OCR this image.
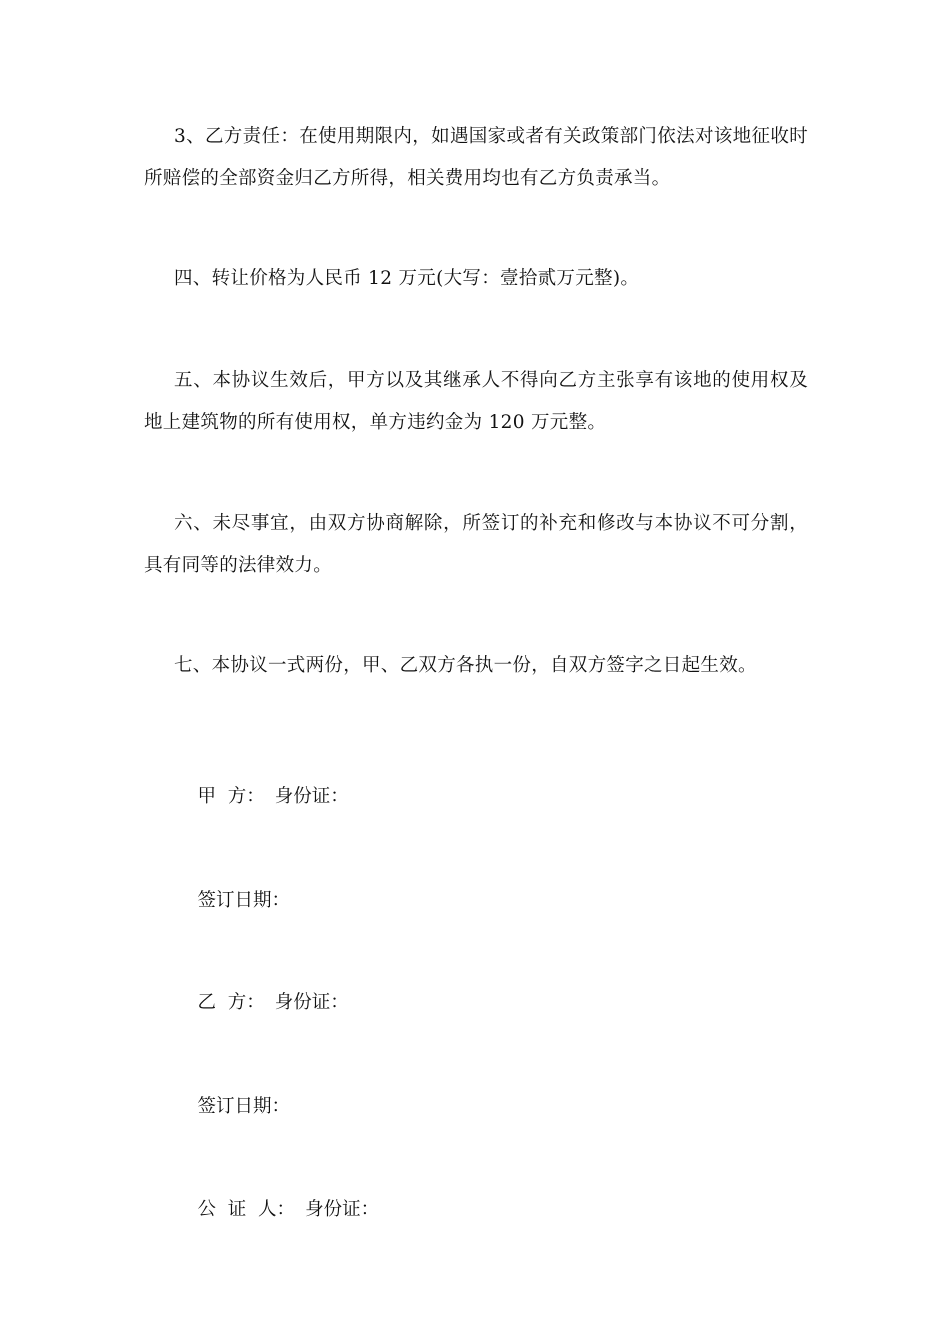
3、乙方责任：在使用期限内，如遇国家或者有关政策部门依法对该地征收时所赔偿的全部资金归乙方所得，相关费用均也有乙方负责承当。

四、转让价格为人民币 12 万元(大写：壹拾贰万元整)。

五、本协议生效后，甲方以及其继承人不得向乙方主张享有该地的使用权及地上建筑物的所有使用权，单方违约金为 120 万元整。

六、未尽事宜，由双方协商解除，所签订的补充和修改与本协议不可分割，具有同等的法律效力。

七、本协议一式两份，甲、乙双方各执一份，自双方签字之日起生效。

甲  方： 身份证：

签订日期：

乙  方： 身份证：

签订日期：

公  证  人： 身份证：
